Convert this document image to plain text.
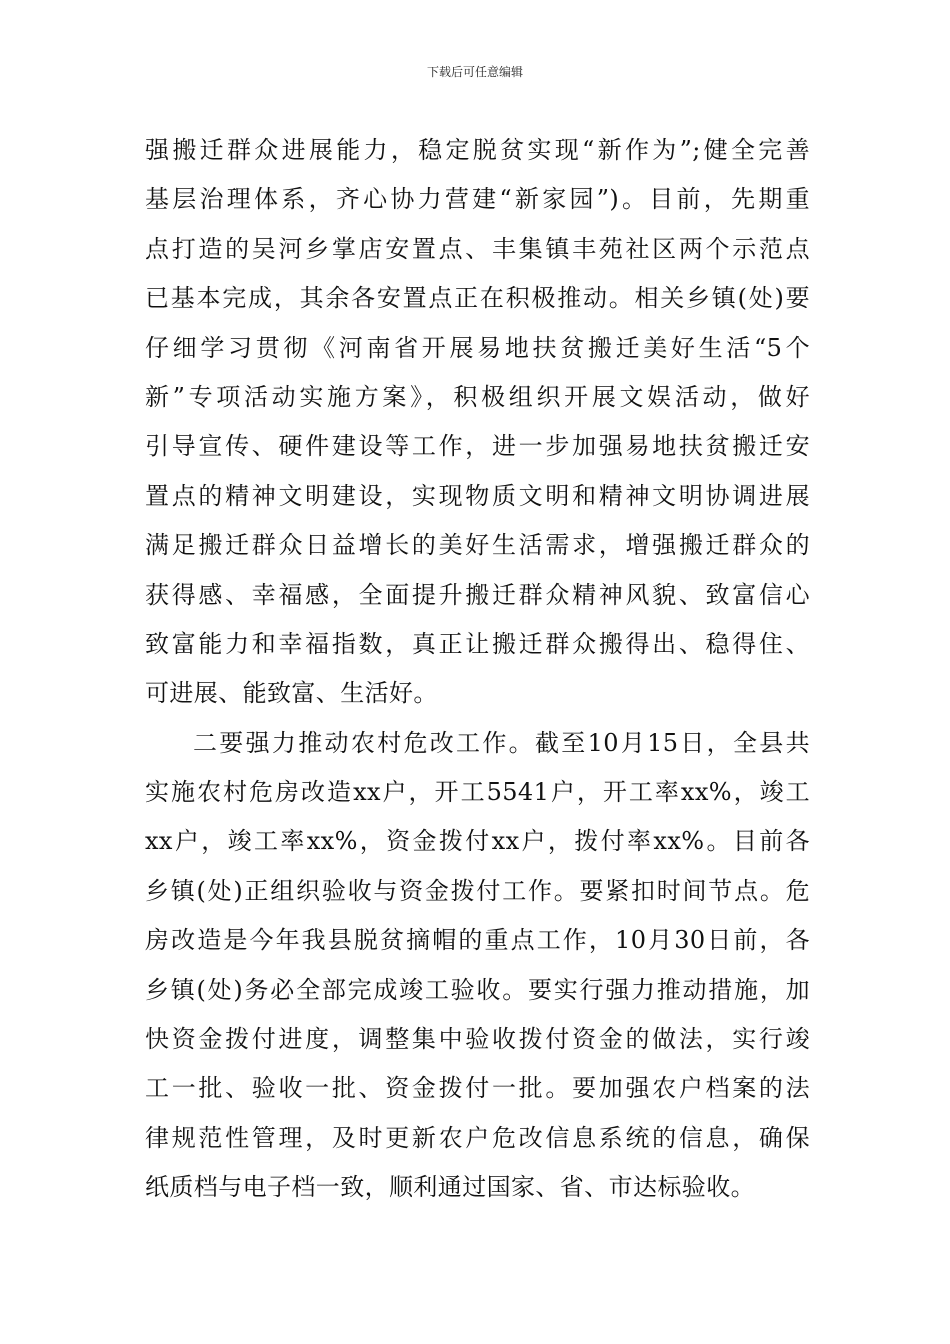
下载后可任意编辑
强搬迁群众进展能力，稳定脱贫实现“新作为”;健全完善
基层治理体系，齐心协力营建“新家园”)。目前，先期重
点打造的吴河乡掌店安置点、丰集镇丰苑社区两个示范点
已基本完成，其余各安置点正在积极推动。相关乡镇(处)要
仔细学习贯彻《河南省开展易地扶贫搬迁美好生活“5个
新”专项活动实施方案》，积极组织开展文娱活动，做好
引导宣传、硬件建设等工作，进一步加强易地扶贫搬迁安
置点的精神文明建设，实现物质文明和精神文明协调进展
满足搬迁群众日益增长的美好生活需求，增强搬迁群众的
获得感、幸福感，全面提升搬迁群众精神风貌、致富信心
致富能力和幸福指数，真正让搬迁群众搬得出、稳得住、
可进展、能致富、生活好。
二要强力推动农村危改工作。截至10月15日，全县共
实施农村危房改造xx户，开工5541户，开工率xx%，竣工
xx户，竣工率xx%，资金拨付xx户，拨付率xx%。目前各
乡镇(处)正组织验收与资金拨付工作。要紧扣时间节点。危
房改造是今年我县脱贫摘帽的重点工作，10月30日前，各
乡镇(处)务必全部完成竣工验收。要实行强力推动措施，加
快资金拨付进度，调整集中验收拨付资金的做法，实行竣
工一批、验收一批、资金拨付一批。要加强农户档案的法
律规范性管理，及时更新农户危改信息系统的信息，确保
纸质档与电子档一致，顺利通过国家、省、市达标验收。
